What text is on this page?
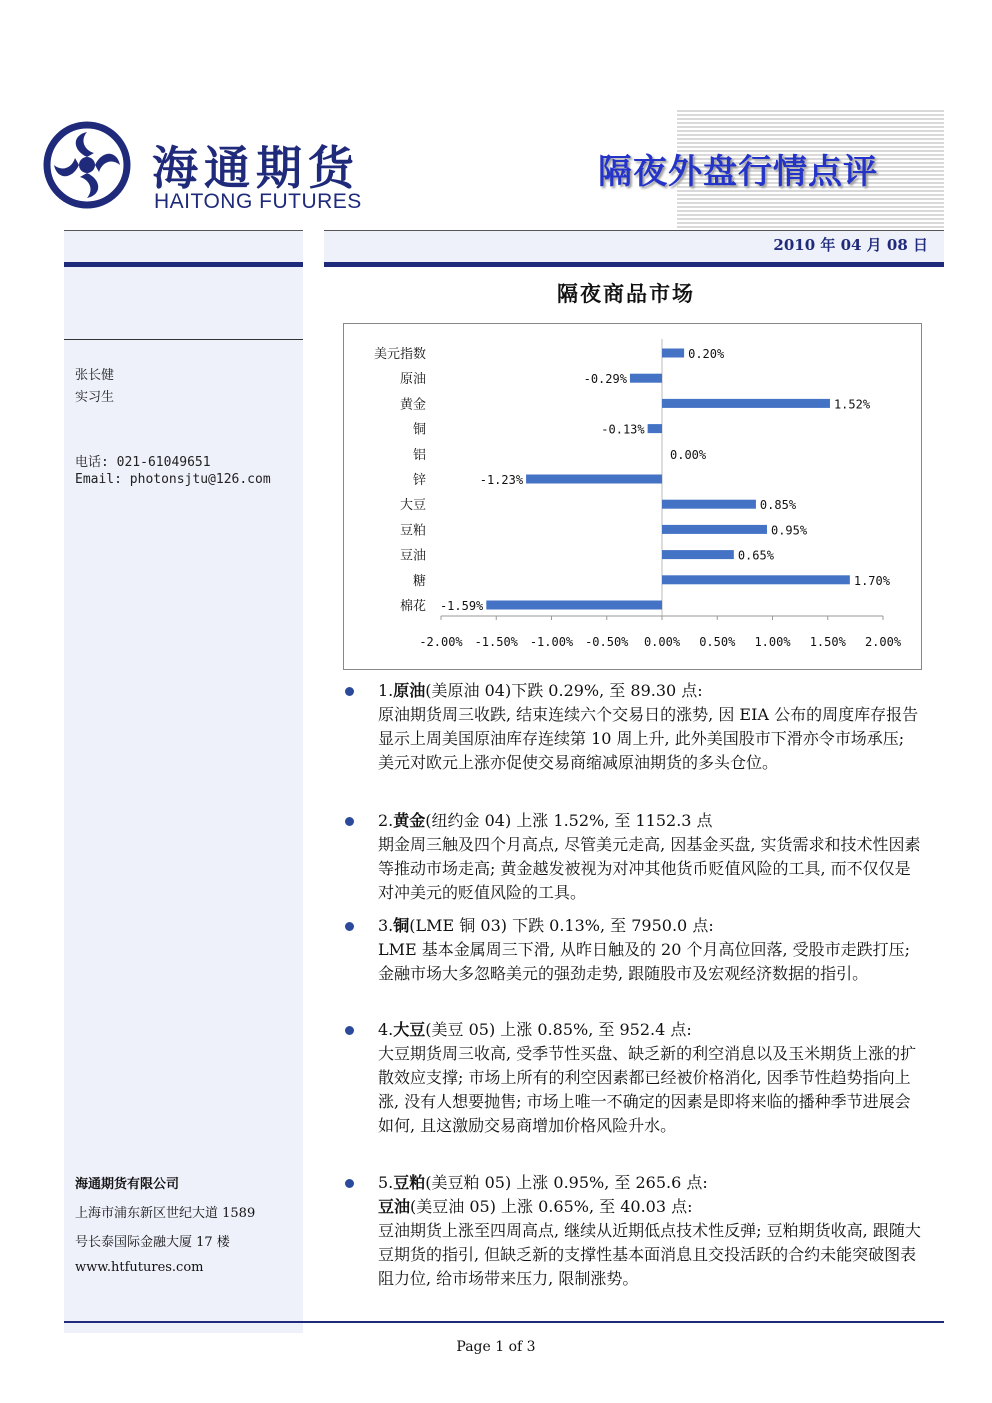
海通期货
HAITONG FUTURES
隔夜外盘行情点评
张长健
实习生
电话: 021-61049651
Email: photonsjtu@126.com
海通期货有限公司
上海市浦东新区世纪大道 1589
号长泰国际金融大厦 17 楼
www.htfutures.com
2010 年 04 月 08 日
隔夜商品市场
美元指数	0.20%
原油	-0.29%
黄金	1.52%
铜	-0.13%
铝	0.00%
锌	-1.23%
大豆	0.85%
豆粕	0.95%
豆油	0.65%
糖	1.70%
棉花 -1.59%
-2.00% -1.50% -1.00% -0.50% 0.00% 0.50% 1.00% 1.50% 2.00%
1.原油(美原油 04)下跌 0.29%, 至 89.30 点:
原油期货周三收跌, 结束连续六个交易日的涨势, 因 EIA 公布的周度库存报告显示上周美国原油库存连续第 10 周上升, 此外美国股市下滑亦令市场承压; 美元对欧元上涨亦促使交易商缩减原油期货的多头仓位。
2.黄金(纽约金 04) 上涨 1.52%, 至 1152.3 点
期金周三触及四个月高点, 尽管美元走高, 因基金买盘, 实货需求和技术性因素等推动市场走高; 黄金越发被视为对冲其他货币贬值风险的工具, 而不仅仅是对冲美元的贬值风险的工具。
3.铜(LME 铜 03) 下跌 0.13%, 至 7950.0 点:
LME 基本金属周三下滑, 从昨日触及的 20 个月高位回落, 受股市走跌打压; 金融市场大多忽略美元的强劲走势, 跟随股市及宏观经济数据的指引。
4.大豆(美豆 05) 上涨 0.85%, 至 952.4 点:
大豆期货周三收高, 受季节性买盘、缺乏新的利空消息以及玉米期货上涨的扩散效应支撑; 市场上所有的利空因素都已经被价格消化, 因季节性趋势指向上涨, 没有人想要抛售; 市场上唯一不确定的因素是即将来临的播种季节进展会如何, 且这激励交易商增加价格风险升水。
5.豆粕(美豆粕 05) 上涨 0.95%, 至 265.6 点:
豆油(美豆油 05) 上涨 0.65%, 至 40.03 点:
豆油期货上涨至四周高点, 继续从近期低点技术性反弹; 豆粕期货收高, 跟随大豆期货的指引, 但缺乏新的支撑性基本面消息且交投活跃的合约未能突破图表阻力位, 给市场带来压力, 限制涨势。
Page 1 of 3
